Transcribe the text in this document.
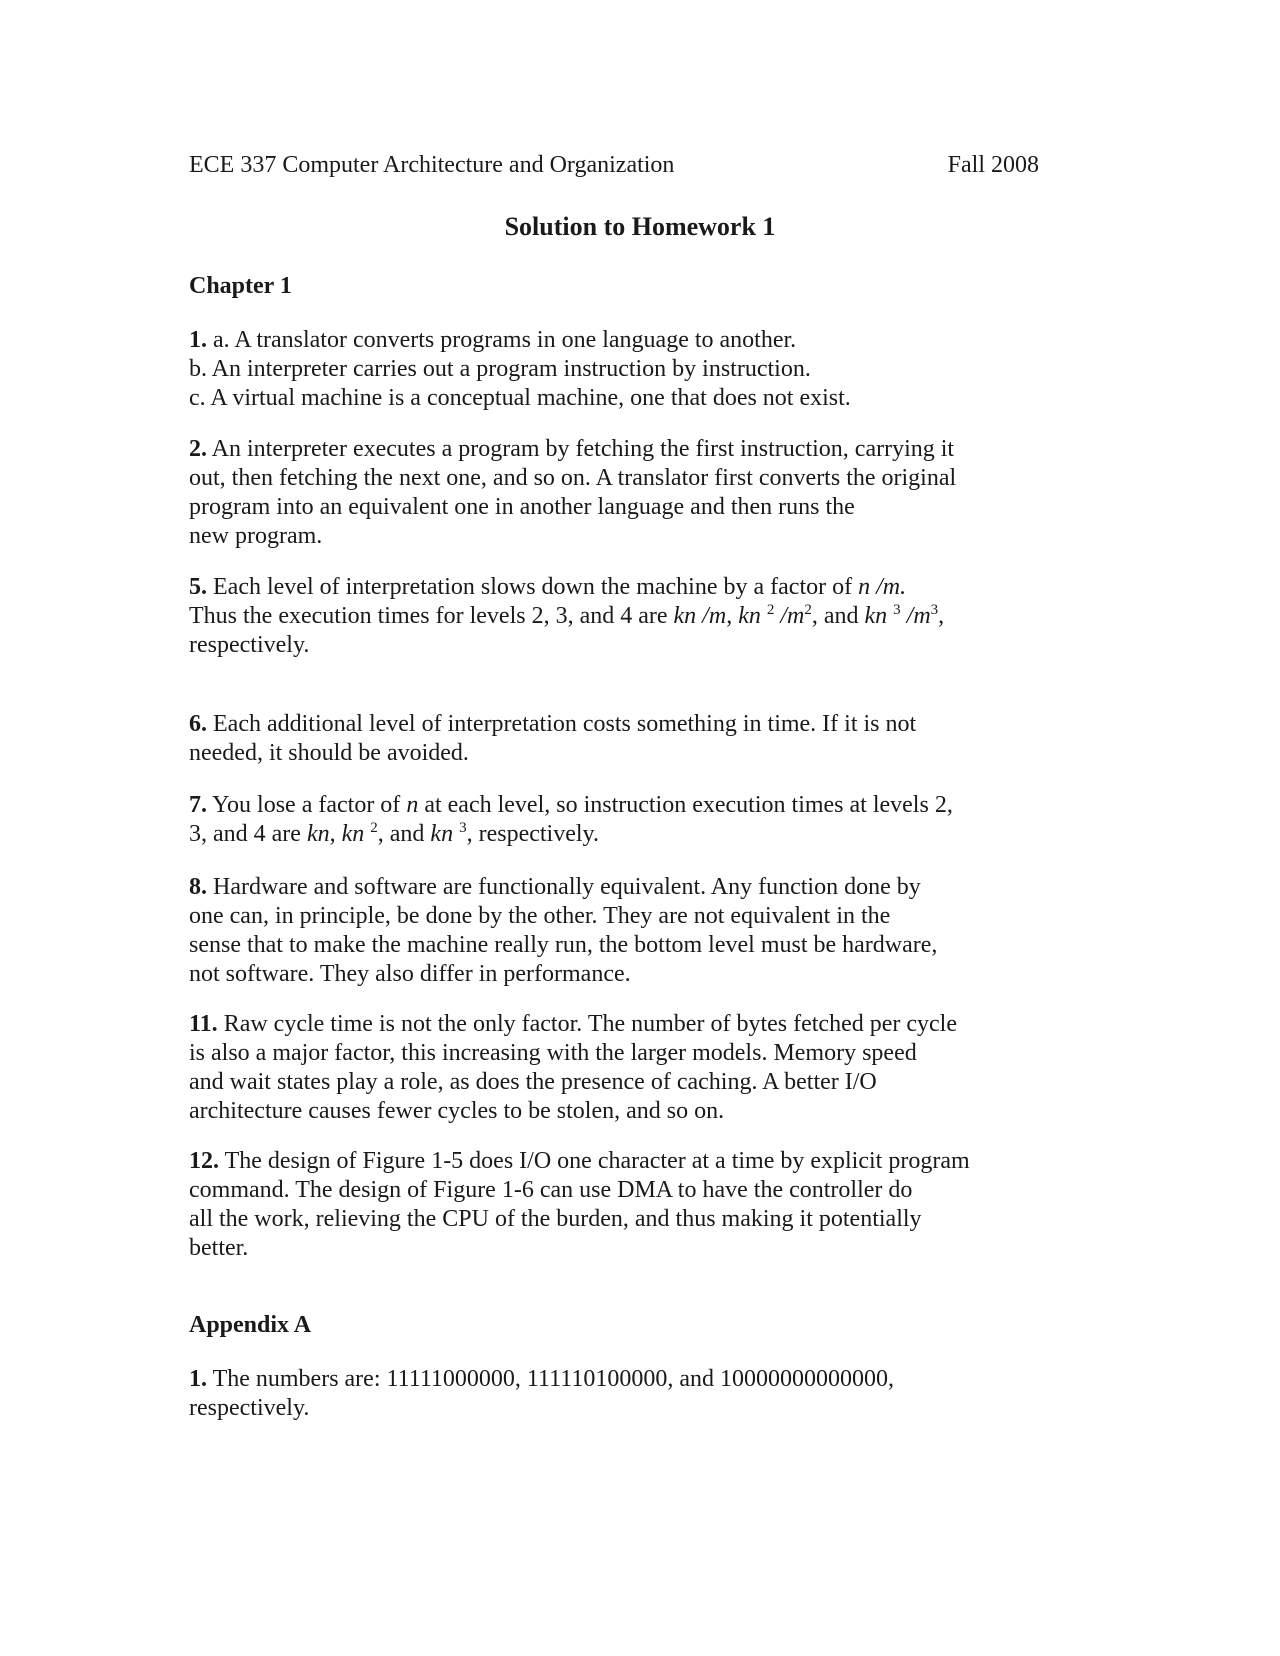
ECE 337 Computer Architecture and Organization	Fall 2008
Solution to Homework 1
Chapter 1

1. a. A translator converts programs in one language to another.
b. An interpreter carries out a program instruction by instruction.
c. A virtual machine is a conceptual machine, one that does not exist.

2. An interpreter executes a program by fetching the first instruction, carrying it
out, then fetching the next one, and so on. A translator first converts the original
program into an equivalent one in another language and then runs the
new program.

5. Each level of interpretation slows down the machine by a factor of n /m.
Thus the execution times for levels 2, 3, and 4 are kn /m, kn $^2$ $/m^2$, and kn $^3$ $/m^3$,
respectively.

6. Each additional level of interpretation costs something in time. If it is not
needed, it should be avoided.

7. You lose a factor of n at each level, so instruction execution times at levels 2,
3, and 4 are kn, kn $^2$, and kn $^3$, respectively.

8. Hardware and software are functionally equivalent. Any function done by
one can, in principle, be done by the other. They are not equivalent in the
sense that to make the machine really run, the bottom level must be hardware,
not software. They also differ in performance.

11. Raw cycle time is not the only factor. The number of bytes fetched per cycle
is also a major factor, this increasing with the larger models. Memory speed
and wait states play a role, as does the presence of caching. A better I/O
architecture causes fewer cycles to be stolen, and so on.

12. The design of Figure 1-5 does I/O one character at a time by explicit program
command. The design of Figure 1-6 can use DMA to have the controller do
all the work, relieving the CPU of the burden, and thus making it potentially
better.

Appendix A

1. The numbers are: 11111000000, 111110100000, and 10000000000000,
respectively.
